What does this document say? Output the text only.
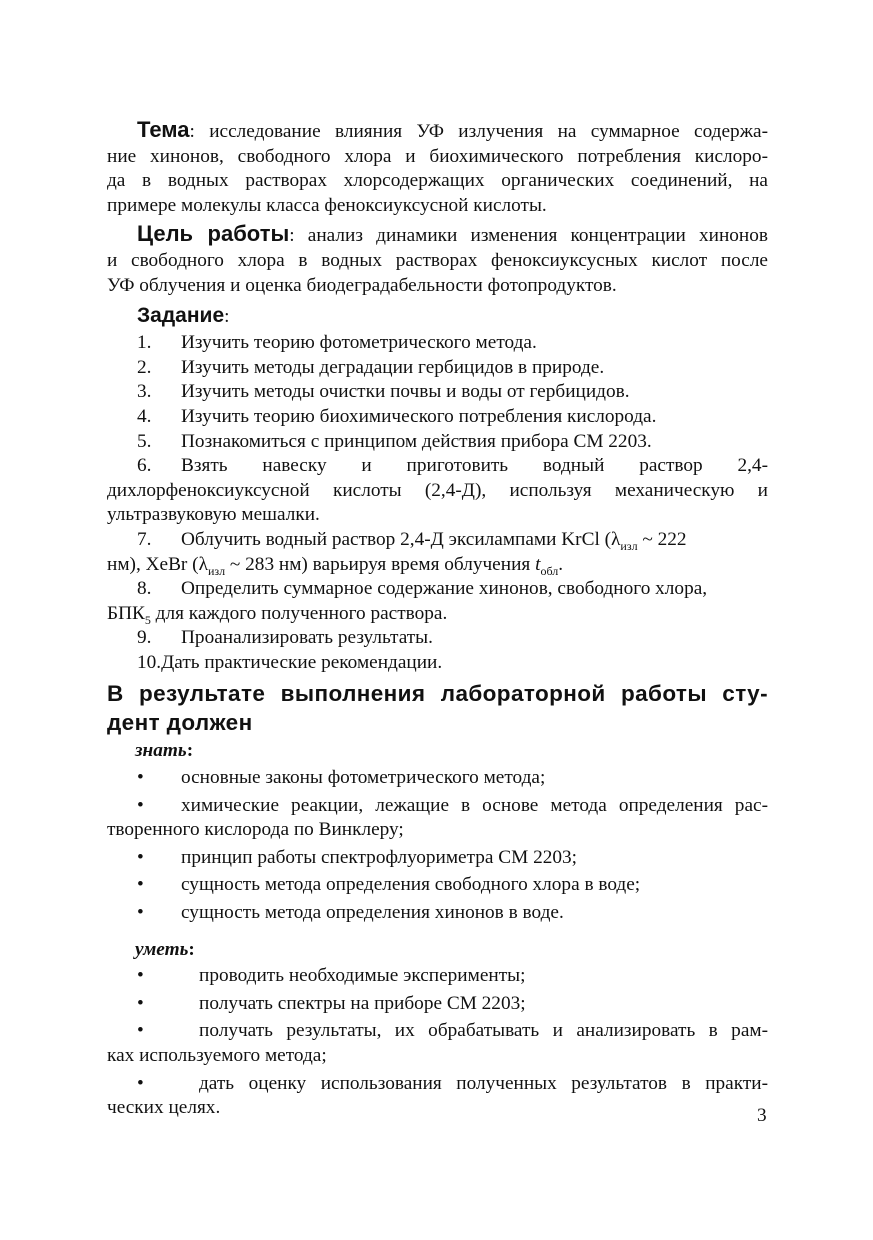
Тема: исследование влияния УФ излучения на суммарное содержа-

ние хинонов, свободного хлора и биохимического потребления кислоро-

да в водных растворах хлорсодержащих органических соединений, на

примере молекулы класса феноксиуксусной кислоты.

Цель работы: анализ динамики изменения концентрации хинонов

и свободного хлора в водных растворах феноксиуксусных кислот после

УФ облучения и оценка биодеградабельности фотопродуктов.

Задание:
1.	Изучить теорию фотометрического метода.
2.	Изучить методы деградации гербицидов в природе.
3.	Изучить методы очистки почвы и воды от гербицидов.
4.	Изучить теорию биохимического потребления кислорода.
5.	Познакомиться с принципом действия прибора СМ 2203.

6. Взять навеску и приготовить водный раствор 2,4-

дихлорфеноксиуксусной кислоты (2,4-Д), используя механическую и

ультразвуковую мешалки.

7. Облучить водный раствор 2,4-Д эксилампами KrCl ($\lambda_{изл}$ ~ 222

нм), XeBr ($\lambda_{изл}$ ~ 283 нм) варьируя время облучения $t_{обл}$.

8. Определить суммарное содержание хинонов, свободного хлора,

$БПК_5$ для каждого полученного раствора.

9.	Проанализировать результаты.
10.Дать практические рекомендации.

В результате выполнения лабораторной работы сту-

дент должен

знать:
• основные законы фотометрического метода;

• химические реакции, лежащие в основе метода определения рас-

творенного кислорода по Винклеру;

• принцип работы спектрофлуориметра СМ 2203;
• сущность метода определения свободного хлора в воде;
• сущность метода определения хинонов в воде.
уметь:
•	проводить необходимые эксперименты;
•	получать спектры на приборе СМ 2203;

•	получать результаты, их обрабатывать и анализировать в рам-

ках используемого метода;

•	дать оценку использования полученных результатов в практи-

ческих целях.	3
